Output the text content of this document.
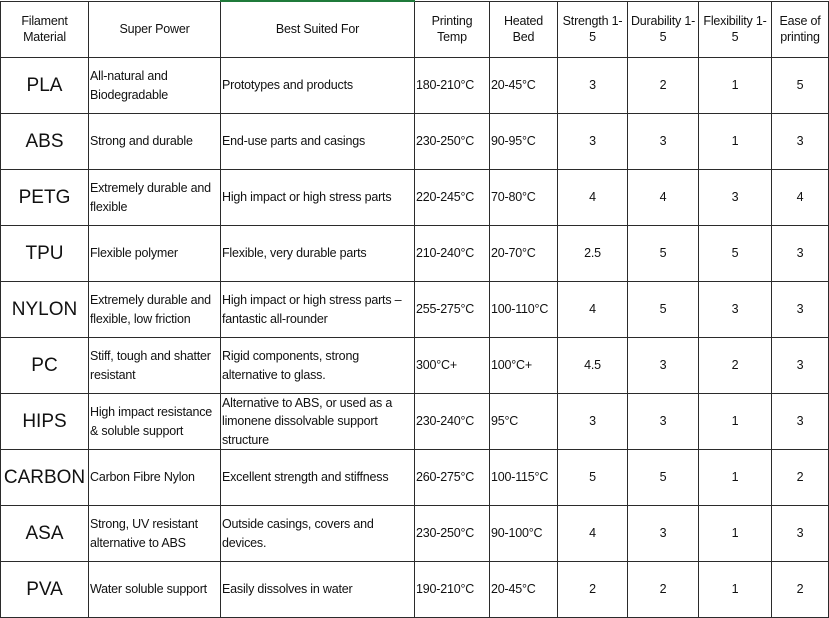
Filament Material	Super Power	Best Suited For	Printing Temp	Heated Bed	Strength 1-5	Durability 1-5	Flexibility 1-5	Ease of printing
PLA	All-natural and Biodegradable	Prototypes and products	180-210°C	20-45°C	3	2	1	5
ABS	Strong and durable	End-use parts and casings	230-250°C	90-95°C	3	3	1	3
PETG	Extremely durable and flexible	High impact or high stress parts	220-245°C	70-80°C	4	4	3	4
TPU	Flexible polymer	Flexible, very durable parts	210-240°C	20-70°C	2.5	5	5	3
NYLON	Extremely durable and flexible, low friction	High impact or high stress parts – fantastic all-rounder	255-275°C	100-110°C	4	5	3	3
PC	Stiff, tough and shatter resistant	Rigid components, strong alternative to glass.	300°C+	100°C+	4.5	3	2	3
HIPS	High impact resistance & soluble support	Alternative to ABS, or used as a limonene dissolvable support structure	230-240°C	95°C	3	3	1	3
CARBON	Carbon Fibre Nylon	Excellent strength and stiffness	260-275°C	100-115°C	5	5	1	2
ASA	Strong, UV resistant alternative to ABS	Outside casings, covers and devices.	230-250°C	90-100°C	4	3	1	3
PVA	Water soluble support	Easily dissolves in water	190-210°C	20-45°C	2	2	1	2
